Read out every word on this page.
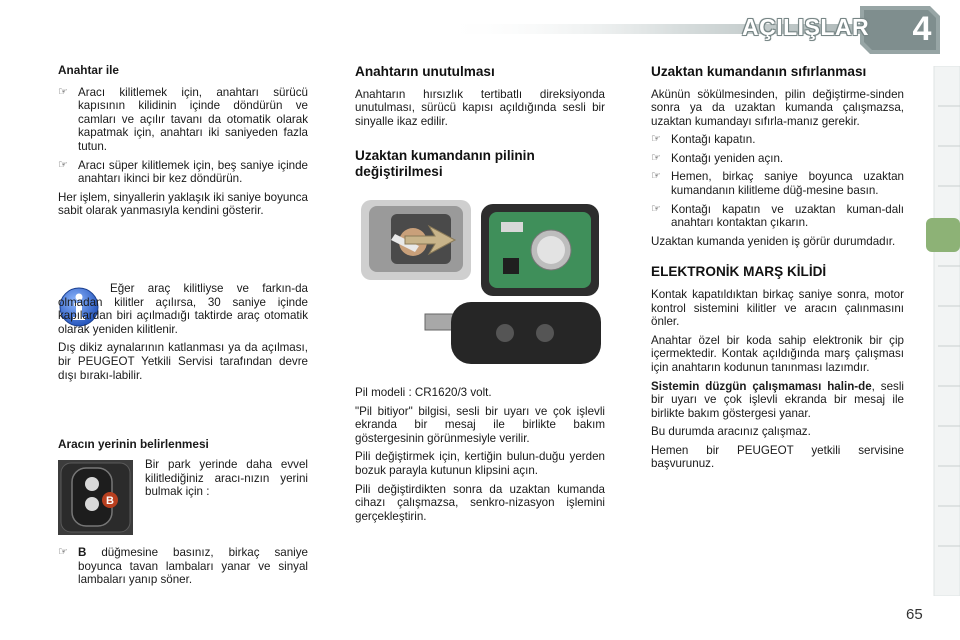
AÇILIŞLAR	4
Anahtar ile
☞ Aracı kilitlemek için, anahtarı sürücü kapısının kilidinin içinde döndürün ve camları ve açılır tavanı da otomatik olarak kapatmak için, anahtarı iki saniyeden fazla tutun.
☞ Aracı süper kilitlemek için, beş saniye içinde anahtarı ikinci bir kez döndürün.

Her işlem, sinyallerin yaklaşık iki saniye boyunca sabit olarak yanmasıyla kendini gösterir.

Eğer araç kilitliyse ve farkın-da olmadan kilitler açılırsa, 30 saniye içinde kapılardan biri açılmadığı taktirde araç otomatik olarak yeniden kilitlenir.

Dış dikiz aynalarının katlanması ya da açılması, bir PEUGEOT Yetkili Servisi tarafından devre dışı bırakı-labilir.

Aracın yerinin belirlenmesi
B
Bir park yerinde daha evvel kilitlediğiniz aracı-nızın yerini bulmak için :
☞ B düğmesine basınız, birkaç saniye boyunca tavan lambaları yanar ve sinyal lambaları yanıp söner.
Anahtarın unutulması

Anahtarın hırsızlık tertibatlı direksiyonda unutulması, sürücü kapısı açıldığında sesli bir sinyalle ikaz edilir.

Uzaktan kumandanın pilinin değiştirilmesi

Pil modeli : CR1620/3 volt.

"Pil bitiyor" bilgisi, sesli bir uyarı ve çok işlevli ekranda bir mesaj ile birlikte bakım göstergesinin görünmesiyle verilir.

Pili değiştirmek için, kertiğin bulun-duğu yerden bozuk parayla kutunun klipsini açın.

Pili değiştirdikten sonra da uzaktan kumanda cihazı çalışmazsa, senkro-nizasyon işlemini gerçekleştirin.

Uzaktan kumandanın sıfırlanması

Akünün sökülmesinden, pilin değiştirme-sinden sonra ya da uzaktan kumanda çalışmazsa, uzaktan kumandayı sıfırla-manız gerekir.

☞ Kontağı kapatın.
☞ Kontağı yeniden açın.
☞ Hemen, birkaç saniye boyunca uzaktan kumandanın kilitleme düğ-mesine basın.
☞ Kontağı kapatın ve uzaktan kuman-dalı anahtarı kontaktan çıkarın.

Uzaktan kumanda yeniden iş görür durumdadır.

ELEKTRONİK MARŞ KİLİDİ

Kontak kapatıldıktan birkaç saniye sonra, motor kontrol sistemini kilitler ve aracın çalınmasını önler.

Anahtar özel bir koda sahip elektronik bir çip içermektedir. Kontak açıldığında marş çalışması için anahtarın kodunun tanınması lazımdır.

Sistemin düzgün çalışmaması halin-de, sesli bir uyarı ve çok işlevli ekranda bir mesaj ile birlikte bakım göstergesi yanar.

Bu durumda aracınız çalışmaz.

Hemen bir PEUGEOT yetkili servisine başvurunuz.

65
